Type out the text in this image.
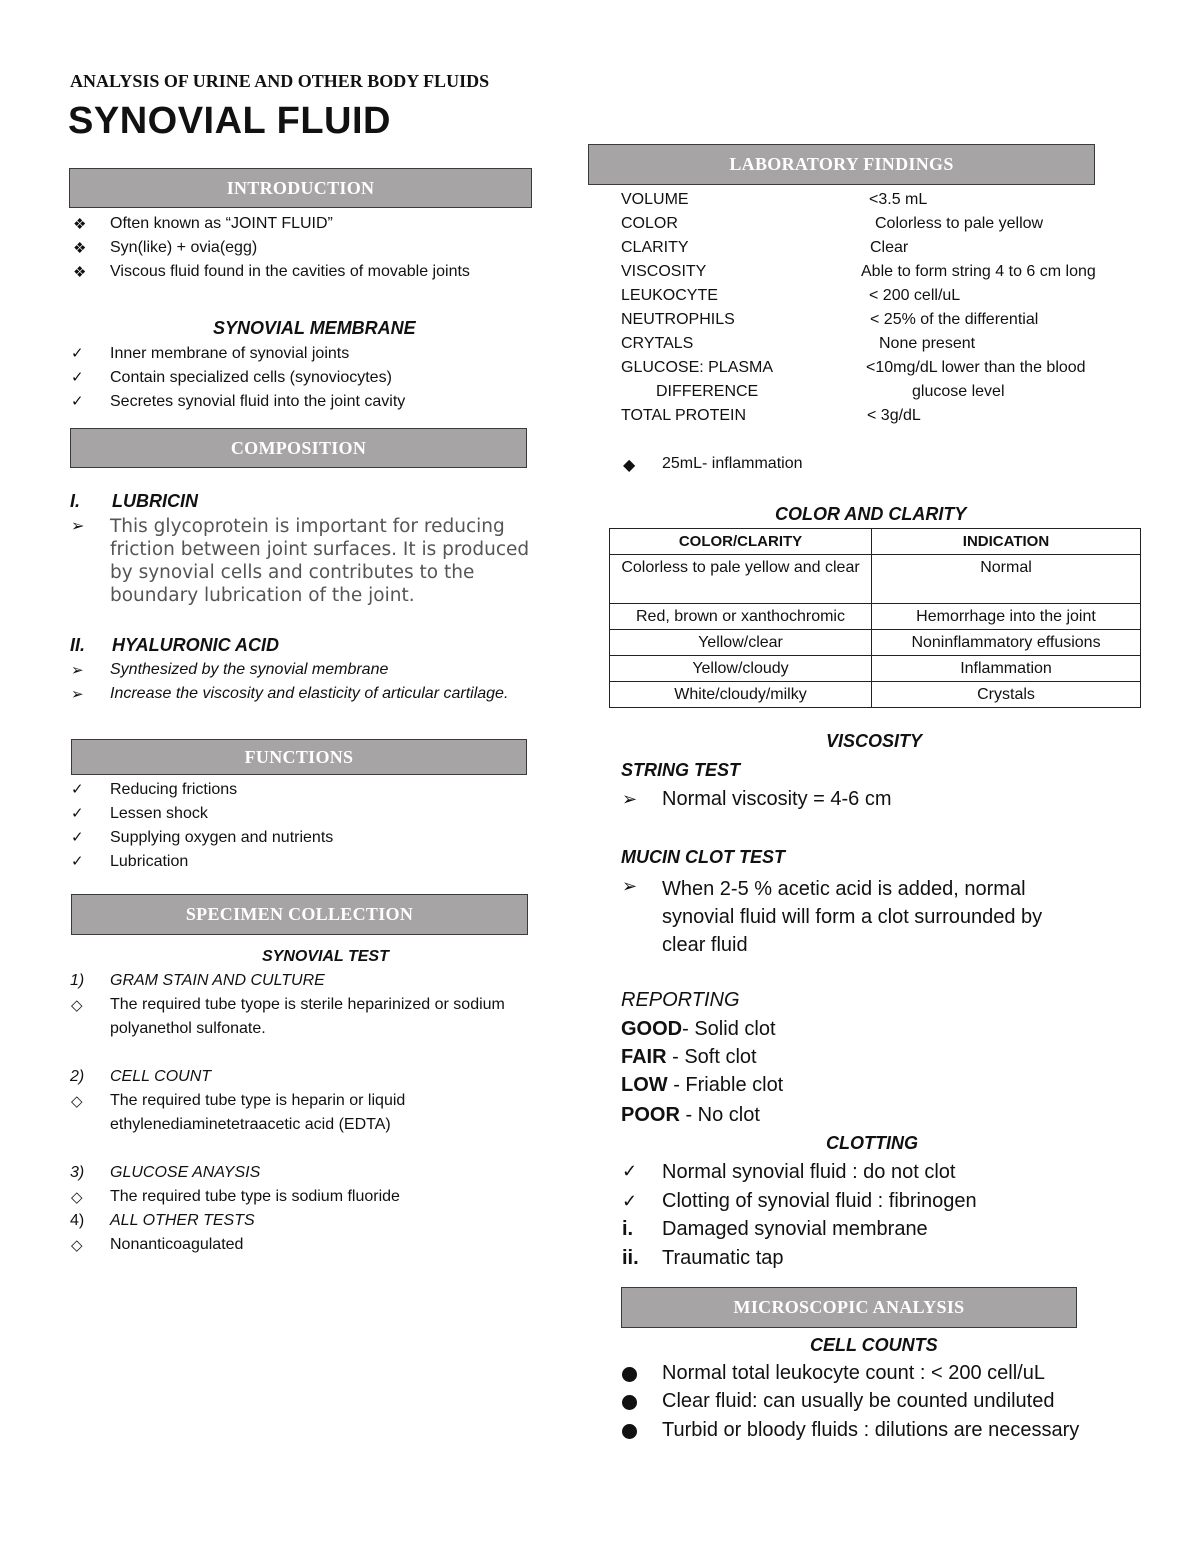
ANALYSIS OF URINE AND OTHER BODY FLUIDS
SYNOVIAL FLUID
INTRODUCTION
❖ Often known as “JOINT FLUID”
❖ Syn(like) + ovia(egg)
❖ Viscous fluid found in the cavities of movable joints
SYNOVIAL MEMBRANE
✓ Inner membrane of synovial joints
✓ Contain specialized cells (synoviocytes)
✓ Secretes synovial fluid into the joint cavity
COMPOSITION
I. LUBRICIN
➢ This glycoprotein is important for reducing
friction between joint surfaces. It is produced
by synovial cells and contributes to the
boundary lubrication of the joint.
II. HYALURONIC ACID
➢ Synthesized by the synovial membrane
➢ Increase the viscosity and elasticity of articular cartilage.
FUNCTIONS
✓ Reducing frictions
✓ Lessen shock
✓ Supplying oxygen and nutrients
✓ Lubrication
SPECIMEN COLLECTION
SYNOVIAL TEST
1) GRAM STAIN AND CULTURE
◇ The required tube tyope is sterile heparinized or sodium
polyanethol sulfonate.
2) CELL COUNT
◇ The required tube type is heparin or liquid
ethylenediaminetetraacetic acid (EDTA)
3) GLUCOSE ANAYSIS
◇ The required tube type is sodium fluoride
4) ALL OTHER TESTS
◇ Nonanticoagulated
LABORATORY FINDINGS
VOLUME	<3.5 mL
COLOR	Colorless to pale yellow
CLARITY	Clear
VISCOSITY	Able to form string 4 to 6 cm long
LEUKOCYTE	< 200 cell/uL
NEUTROPHILS	< 25% of the differential
CRYTALS	None present
GLUCOSE: PLASMA	<10mg/dL lower than the blood
DIFFERENCE	glucose level
TOTAL PROTEIN	< 3g/dL
◆ 25mL- inflammation
COLOR AND CLARITY
COLOR/CLARITY	INDICATION
Colorless to pale yellow and clear	Normal
Red, brown or xanthochromic	Hemorrhage into the joint
Yellow/clear	Noninflammatory effusions
Yellow/cloudy	Inflammation
White/cloudy/milky	Crystals
VISCOSITY
STRING TEST
➢ Normal viscosity = 4-6 cm
MUCIN CLOT TEST
➢ When 2-5 % acetic acid is added, normal
synovial fluid will form a clot surrounded by
clear fluid
REPORTING
GOOD- Solid clot
FAIR - Soft clot
LOW - Friable clot
POOR - No clot
CLOTTING
✓ Normal synovial fluid : do not clot
✓ Clotting of synovial fluid : fibrinogen
i. Damaged synovial membrane
ii. Traumatic tap
MICROSCOPIC ANALYSIS
CELL COUNTS
Normal total leukocyte count : < 200 cell/uL
Clear fluid: can usually be counted undiluted
Turbid or bloody fluids : dilutions are necessary
